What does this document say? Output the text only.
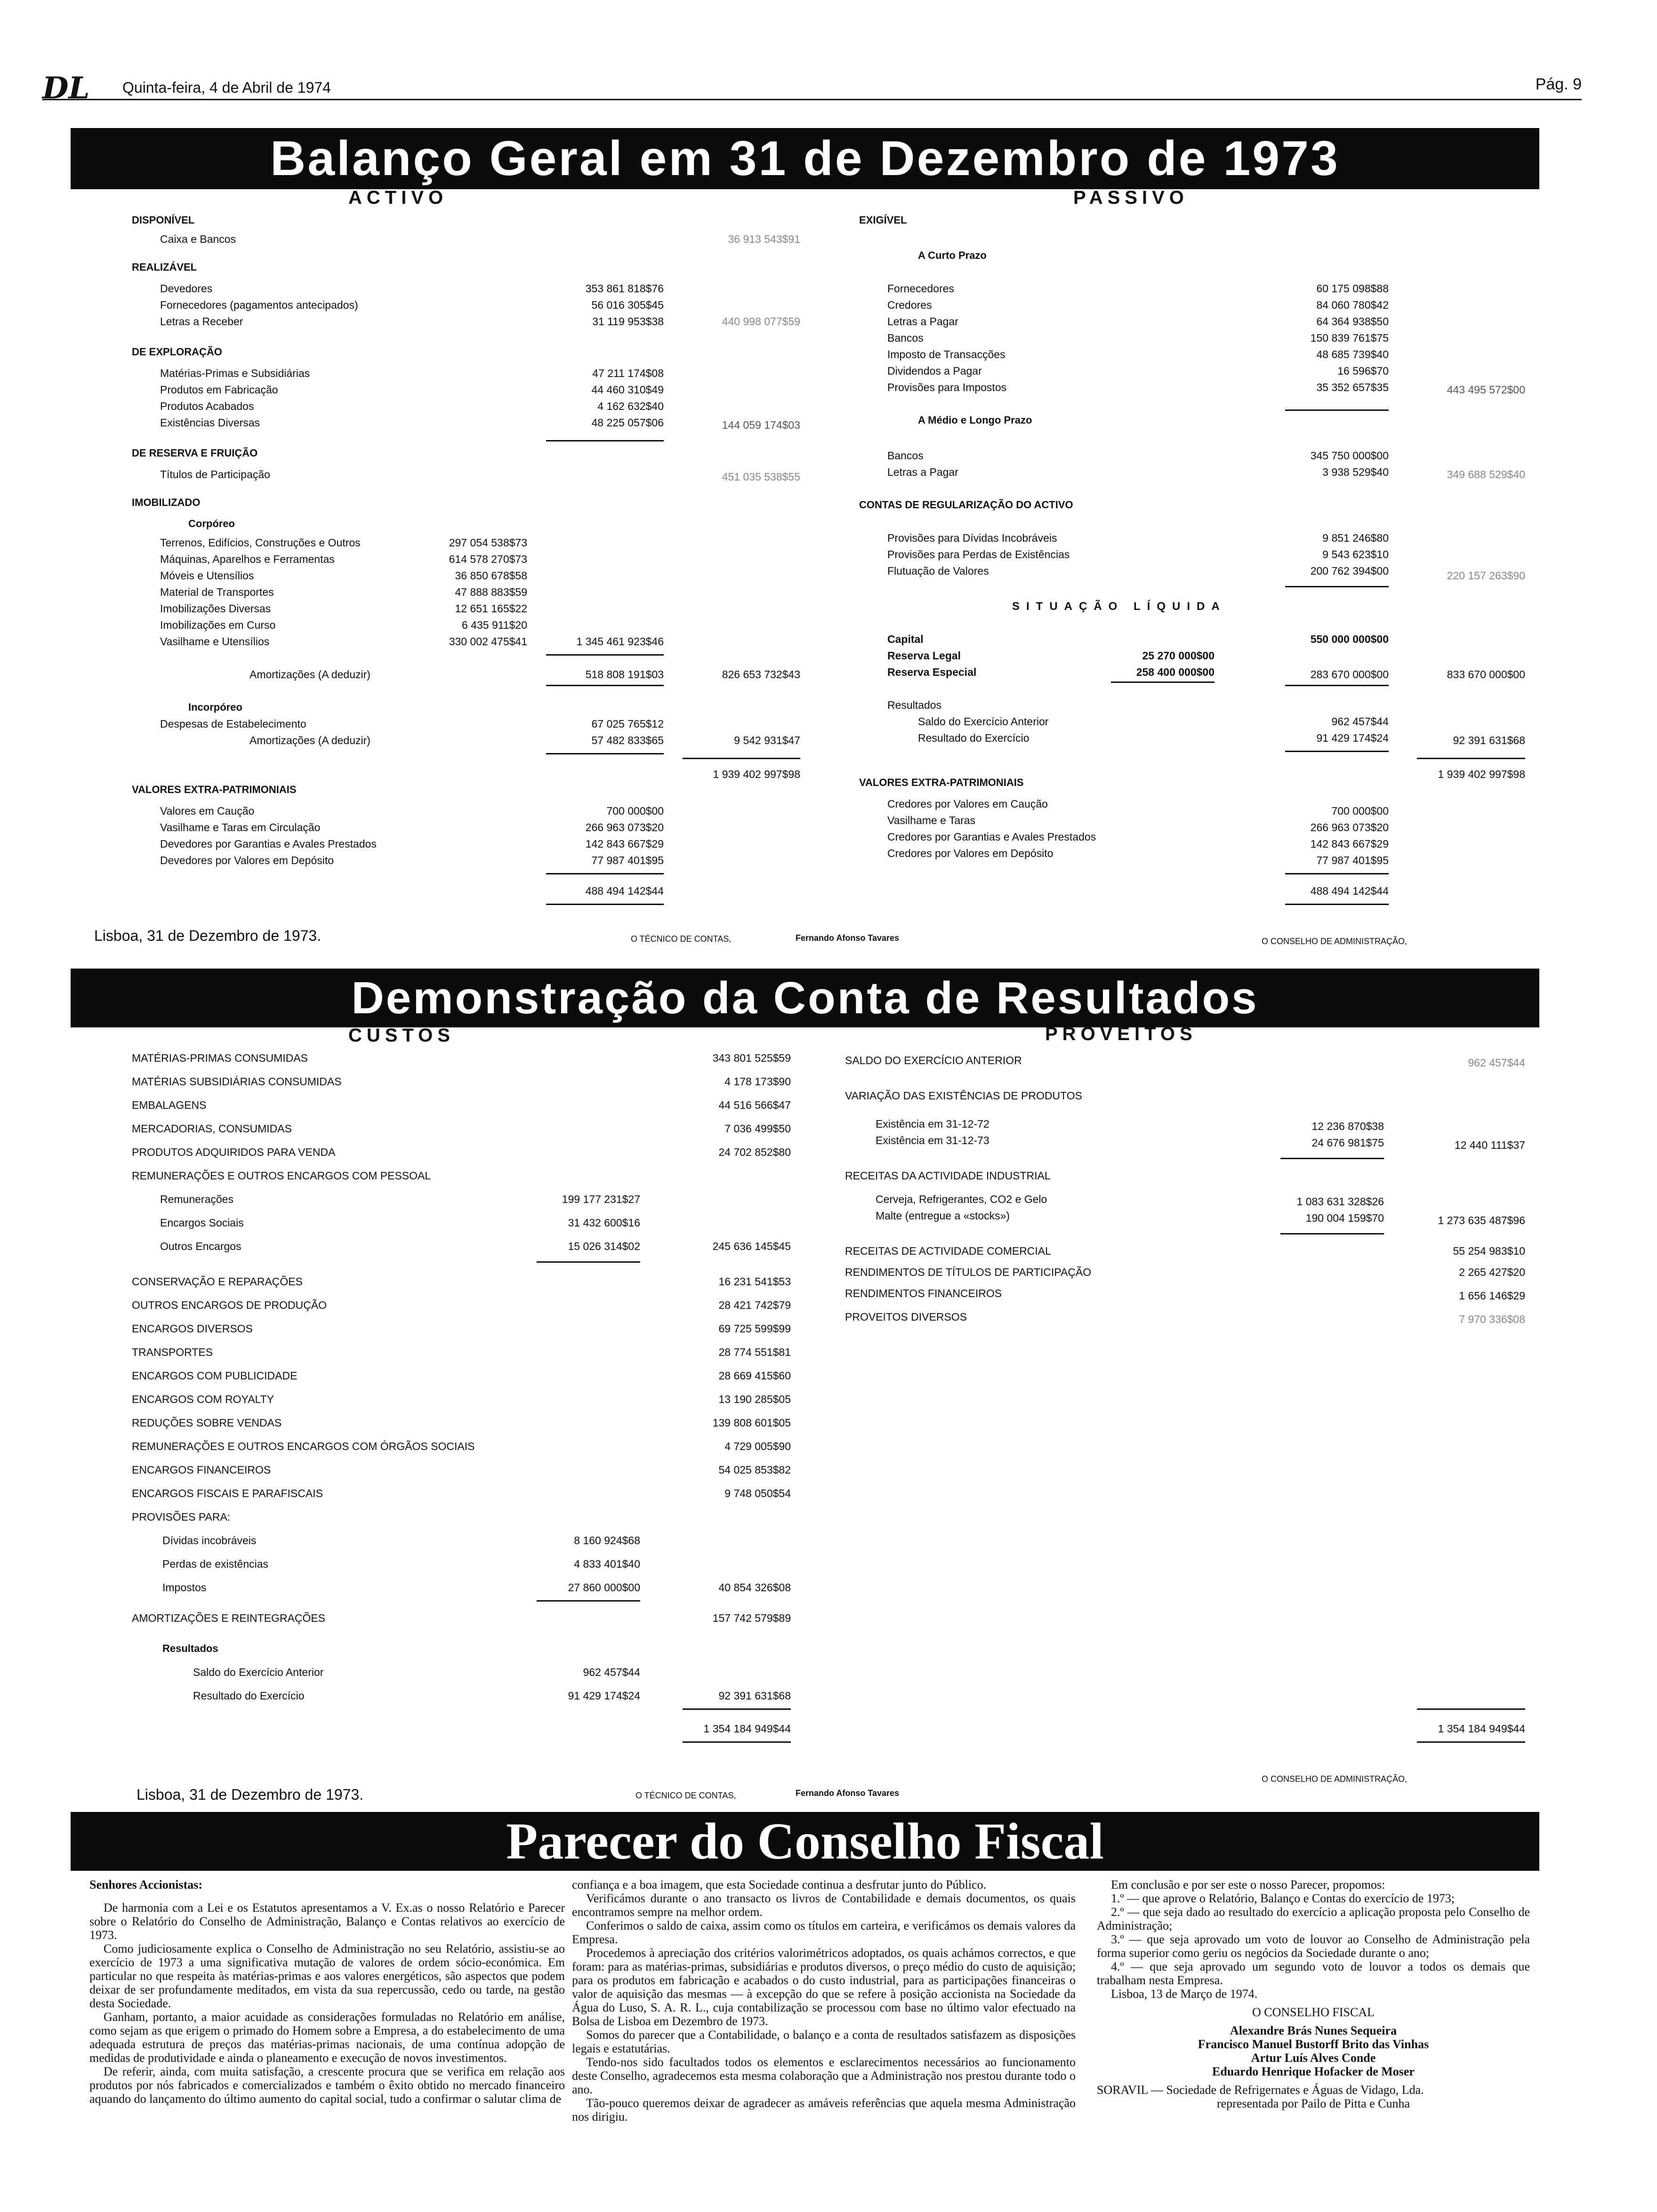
DL Quinta-feira, 4 de Abril de 1974	Pág. 9
Balanço Geral em 31 de Dezembro de 1973
ACTIVO	PASSIVO
DISPONÍVEL
Caixa e Bancos	36 913 543$91
REALIZÁVEL
Devedores	353 861 818$76
Fornecedores (pagamentos antecipados)	56 016 305$45
Letras a Receber	31 119 953$38	440 998 077$59
DE EXPLORAÇÃO
Matérias-Primas e Subsidiárias	47 211 174$08
Produtos em Fabricação	44 460 310$49
Produtos Acabados	4 162 632$40
Existências Diversas	48 225 057$06	144 059 174$03
DE RESERVA E FRUIÇÃO
Títulos de Participação	451 035 538$55
IMOBILIZADO
Corpóreo
Terrenos, Edifícios, Construções e Outros	297 054 538$73
Máquinas, Aparelhos e Ferramentas	614 578 270$73
Móveis e Utensílios	36 850 678$58
Material de Transportes	47 888 883$59
Imobilizações Diversas	12 651 165$22
Imobilizações em Curso	6 435 911$20
Vasilhame e Utensílios	330 002 475$41	1 345 461 923$46
Amortizações (A deduzir)	518 808 191$03	826 653 732$43
Incorpóreo
Despesas de Estabelecimento	67 025 765$12
Amortizações (A deduzir)	57 482 833$65	9 542 931$47
1 939 402 997$98
VALORES EXTRA-PATRIMONIAIS
Valores em Caução	700 000$00
Vasilhame e Taras em Circulação	266 963 073$20
Devedores por Garantias e Avales Prestados	142 843 667$29
Devedores por Valores em Depósito	77 987 401$95
488 494 142$44
EXIGÍVEL
A Curto Prazo
Fornecedores	60 175 098$88
Credores	84 060 780$42
Letras a Pagar	64 364 938$50
Bancos	150 839 761$75
Imposto de Transacções	48 685 739$40
Dividendos a Pagar	16 596$70
Provisões para Impostos	35 352 657$35	443 495 572$00
A Médio e Longo Prazo
Bancos	345 750 000$00
Letras a Pagar	3 938 529$40	349 688 529$40
CONTAS DE REGULARIZAÇÃO DO ACTIVO
Provisões para Dívidas Incobráveis	9 851 246$80
Provisões para Perdas de Existências	9 543 623$10
Flutuação de Valores	200 762 394$00	220 157 263$90
SITUAÇÃO LÍQUIDA
Capital	550 000 000$00
Reserva Legal	25 270 000$00
Reserva Especial	258 400 000$00	283 670 000$00	833 670 000$00
Resultados
Saldo do Exercício Anterior	962 457$44
Resultado do Exercício	91 429 174$24	92 391 631$68
1 939 402 997$98
VALORES EXTRA-PATRIMONIAIS
Credores por Valores em Caução
700 000$00
Vasilhame e Taras
266 963 073$20
Credores por Garantias e Avales Prestados
142 843 667$29
Credores por Valores em Depósito
77 987 401$95
488 494 142$44
Lisboa, 31 de Dezembro de 1973.	O TÉCNICO DE CONTAS,	Fernando Afonso Tavares	O CONSELHO DE ADMINISTRAÇÃO,
Demonstração da Conta de Resultados
CUSTOS	PROVEITOS
MATÉRIAS-PRIMAS CONSUMIDAS	343 801 525$59
MATÉRIAS SUBSIDIÁRIAS CONSUMIDAS	4 178 173$90
EMBALAGENS	44 516 566$47
MERCADORIAS, CONSUMIDAS	7 036 499$50
PRODUTOS ADQUIRIDOS PARA VENDA	24 702 852$80
REMUNERAÇÕES E OUTROS ENCARGOS COM PESSOAL
Remunerações	199 177 231$27
Encargos Sociais	31 432 600$16
Outros Encargos	15 026 314$02	245 636 145$45
CONSERVAÇÃO E REPARAÇÕES	16 231 541$53
OUTROS ENCARGOS DE PRODUÇÃO	28 421 742$79
ENCARGOS DIVERSOS	69 725 599$99
TRANSPORTES	28 774 551$81
ENCARGOS COM PUBLICIDADE	28 669 415$60
ENCARGOS COM ROYALTY	13 190 285$05
REDUÇÕES SOBRE VENDAS	139 808 601$05
REMUNERAÇÕES E OUTROS ENCARGOS COM ÓRGÃOS SOCIAIS	4 729 005$90
ENCARGOS FINANCEIROS	54 025 853$82
ENCARGOS FISCAIS E PARAFISCAIS	9 748 050$54
PROVISÕES PARA:
Dívidas incobráveis	8 160 924$68
Perdas de existências	4 833 401$40
Impostos	27 860 000$00	40 854 326$08
AMORTIZAÇÕES E REINTEGRAÇÕES	157 742 579$89
Resultados
Saldo do Exercício Anterior	962 457$44
Resultado do Exercício	91 429 174$24	92 391 631$68
1 354 184 949$44
SALDO DO EXERCÍCIO ANTERIOR	962 457$44
VARIAÇÃO DAS EXISTÊNCIAS DE PRODUTOS
Existência em 31-12-72	12 236 870$38
Existência em 31-12-73	24 676 981$75	12 440 111$37
RECEITAS DA ACTIVIDADE INDUSTRIAL
Cerveja, Refrigerantes, CO2 e Gelo	1 083 631 328$26
Malte (entregue a «stocks»)	190 004 159$70	1 273 635 487$96
RECEITAS DE ACTIVIDADE COMERCIAL	55 254 983$10
RENDIMENTOS DE TÍTULOS DE PARTICIPAÇÃO	2 265 427$20
RENDIMENTOS FINANCEIROS	1 656 146$29
PROVEITOS DIVERSOS	7 970 336$08
1 354 184 949$44
Lisboa, 31 de Dezembro de 1973.	O TÉCNICO DE CONTAS,	Fernando Afonso Tavares
O CONSELHO DE ADMINISTRAÇÃO,
Parecer do Conselho Fiscal

Senhores Accionistas:

De harmonia com a Lei e os Estatutos apresentamos a V. Ex.as o nosso Relatório e Parecer sobre o Relatório do Conselho de Administração, Balanço e Contas relativos ao exercício de 1973.

Como judiciosamente explica o Conselho de Administração no seu Relatório, assistiu-se ao exercício de 1973 a uma significativa mutação de valores de ordem sócio-económica. Em particular no que respeita às matérias-primas e aos valores energéticos, são aspectos que podem deixar de ser profundamente meditados, em vista da sua repercussão, cedo ou tarde, na gestão desta Sociedade.

Ganham, portanto, a maior acuidade as considerações formuladas no Relatório em análise, como sejam as que erigem o primado do Homem sobre a Empresa, a do estabelecimento de uma adequada estrutura de preços das matérias-primas nacionais, de uma contínua adopção de medidas de produtividade e ainda o planeamento e execução de novos investimentos.

De referir, ainda, com muita satisfação, a crescente procura que se verifica em relação aos produtos por nós fabricados e comercializados e também o êxito obtido no mercado financeiro aquando do lançamento do último aumento do capital social, tudo a confirmar o salutar clima de

confiança e a boa imagem, que esta Sociedade continua a desfrutar junto do Público.

Verificámos durante o ano transacto os livros de Contabilidade e demais documentos, os quais encontramos sempre na melhor ordem.

Conferimos o saldo de caixa, assim como os títulos em carteira, e verificámos os demais valores da Empresa.

Procedemos à apreciação dos critérios valorimétricos adoptados, os quais achámos correctos, e que foram: para as matérias-primas, subsidiárias e produtos diversos, o preço médio do custo de aquisição; para os produtos em fabricação e acabados o do custo industrial, para as participações financeiras o valor de aquisição das mesmas — à excepção do que se refere à posição accionista na Sociedade da Água do Luso, S. A. R. L., cuja contabilização se processou com base no último valor efectuado na Bolsa de Lisboa em Dezembro de 1973.

Somos do parecer que a Contabilidade, o balanço e a conta de resultados satisfazem as disposições legais e estatutárias.

Tendo-nos sido facultados todos os elementos e esclarecimentos necessários ao funcionamento deste Conselho, agradecemos esta mesma colaboração que a Administração nos prestou durante todo o ano.

Tão-pouco queremos deixar de agradecer as amáveis referências que aquela mesma Administração nos dirigiu.

Em conclusão e por ser este o nosso Parecer, propomos:

1.º — que aprove o Relatório, Balanço e Contas do exercício de 1973;

2.º — que seja dado ao resultado do exercício a aplicação proposta pelo Conselho de Administração;

3.º — que seja aprovado um voto de louvor ao Conselho de Administração pela forma superior como geriu os negócios da Sociedade durante o ano;

4.º — que seja aprovado um segundo voto de louvor a todos os demais que trabalham nesta Empresa.

Lisboa, 13 de Março de 1974.

O CONSELHO FISCAL

Alexandre Brás Nunes Sequeira

Francisco Manuel Bustorff Brito das Vinhas

Artur Luís Alves Conde

Eduardo Henrique Hofacker de Moser

SORAVIL — Sociedade de Refrigernates e Águas de Vidago, Lda.

representada por Pailo de Pitta e Cunha
